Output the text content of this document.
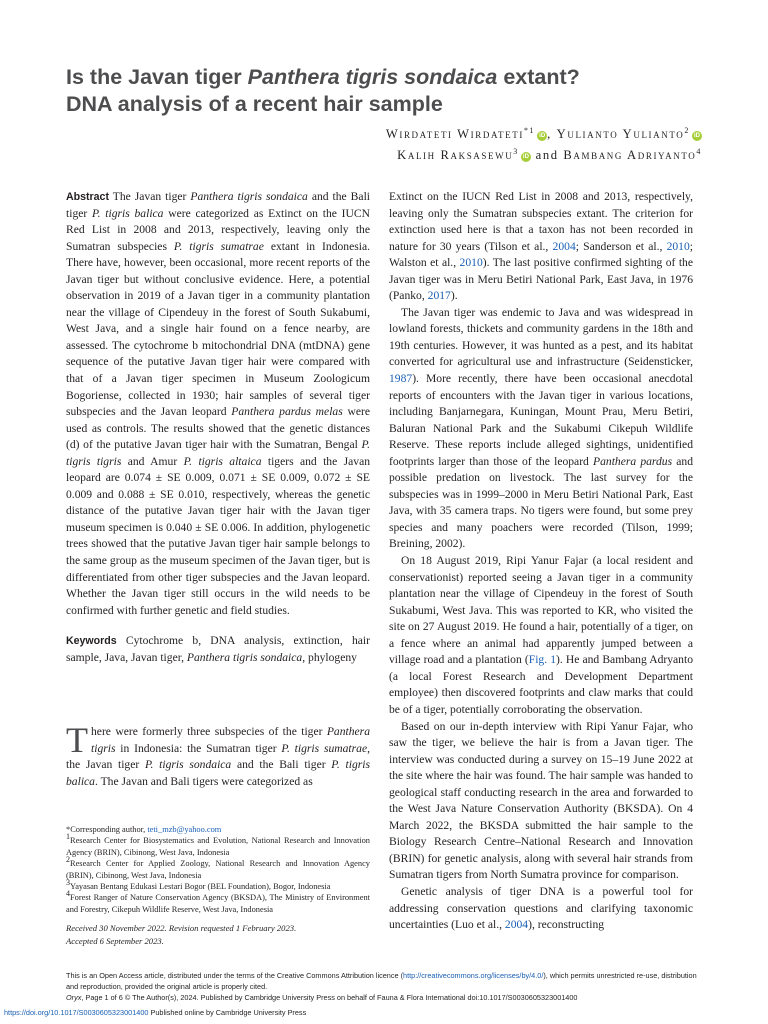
Is the Javan tiger Panthera tigris sondaica extant?
DNA analysis of a recent hair sample
Wirdateti Wirdateti$^{*1}$iD , Yulianto Yulianto$^2$iD
Kalih Raksasewu$^3$iD and Bambang Adriyanto$^4$

Abstract The Javan tiger Panthera tigris sondaica and the Bali tiger P. tigris balica were categorized as Extinct on the IUCN Red List in 2008 and 2013, respectively, leaving only the Sumatran subspecies P. tigris sumatrae extant in Indonesia. There have, however, been occasional, more recent reports of the Javan tiger but without conclusive evidence. Here, a potential observation in 2019 of a Javan tiger in a community plantation near the village of Cipendeuy in the forest of South Sukabumi, West Java, and a single hair found on a fence nearby, are assessed. The cytochrome b mitochondrial DNA (mtDNA) gene sequence of the putative Javan tiger hair were compared with that of a Javan tiger specimen in Museum Zoologicum Bogoriense, collected in 1930; hair samples of several tiger subspecies and the Javan leopard Panthera pardus melas were used as controls. The results showed that the genetic distances (d) of the putative Javan tiger hair with the Sumatran, Bengal P. tigris tigris and Amur P. tigris altaica tigers and the Javan leopard are 0.074 ± SE 0.009, 0.071 ± SE 0.009, 0.072 ± SE 0.009 and 0.088 ± SE 0.010, respectively, whereas the genetic distance of the putative Javan tiger hair with the Javan tiger museum specimen is 0.040 ± SE 0.006. In addition, phylogenetic trees showed that the putative Javan tiger hair sample belongs to the same group as the museum specimen of the Javan tiger, but is differentiated from other tiger subspecies and the Javan leopard. Whether the Javan tiger still occurs in the wild needs to be confirmed with further genetic and field studies.

Keywords Cytochrome b, DNA analysis, extinction, hair sample, Java, Javan tiger, Panthera tigris sondaica, phylogeny

There were formerly three subspecies of the tiger Panthera tigris in Indonesia: the Sumatran tiger P. tigris sumatrae, the Javan tiger P. tigris sondaica and the Bali tiger P. tigris balica. The Javan and Bali tigers were categorized as

*Corresponding author, teti_mzb@yahoo.com

$^1$Research Center for Biosystematics and Evolution, National Research and Innovation Agency (BRIN), Cibinong, West Java, Indonesia

$^2$Research Center for Applied Zoology, National Research and Innovation Agency (BRIN), Cibinong, West Java, Indonesia

$^3$Yayasan Bentang Edukasi Lestari Bogor (BEL Foundation), Bogor, Indonesia

$^4$Forest Ranger of Nature Conservation Agency (BKSDA), The Ministry of Environment and Forestry, Cikepuh Wildlife Reserve, West Java, Indonesia

Received 30 November 2022. Revision requested 1 February 2023.

Accepted 6 September 2023.

Extinct on the IUCN Red List in 2008 and 2013, respectively, leaving only the Sumatran subspecies extant. The criterion for extinction used here is that a taxon has not been recorded in nature for 30 years (Tilson et al., 2004; Sanderson et al., 2010; Walston et al., 2010). The last positive confirmed sighting of the Javan tiger was in Meru Betiri National Park, East Java, in 1976 (Panko, 2017).

The Javan tiger was endemic to Java and was widespread in lowland forests, thickets and community gardens in the 18th and 19th centuries. However, it was hunted as a pest, and its habitat converted for agricultural use and infrastructure (Seidensticker, 1987). More recently, there have been occasional anecdotal reports of encounters with the Javan tiger in various locations, including Banjarnegara, Kuningan, Mount Prau, Meru Betiri, Baluran National Park and the Sukabumi Cikepuh Wildlife Reserve. These reports include alleged sightings, unidentified footprints larger than those of the leopard Panthera pardus and possible predation on livestock. The last survey for the subspecies was in 1999–2000 in Meru Betiri National Park, East Java, with 35 camera traps. No tigers were found, but some prey species and many poachers were recorded (Tilson, 1999; Breining, 2002).

On 18 August 2019, Ripi Yanur Fajar (a local resident and conservationist) reported seeing a Javan tiger in a community plantation near the village of Cipendeuy in the forest of South Sukabumi, West Java. This was reported to KR, who visited the site on 27 August 2019. He found a hair, potentially of a tiger, on a fence where an animal had apparently jumped between a village road and a plantation (Fig. 1). He and Bambang Adryanto (a local Forest Research and Development Department employee) then discovered footprints and claw marks that could be of a tiger, potentially corroborating the observation.

Based on our in-depth interview with Ripi Yanur Fajar, who saw the tiger, we believe the hair is from a Javan tiger. The interview was conducted during a survey on 15–19 June 2022 at the site where the hair was found. The hair sample was handed to geological staff conducting research in the area and forwarded to the West Java Nature Conservation Authority (BKSDA). On 4 March 2022, the BKSDA submitted the hair sample to the Biology Research Centre–National Research and Innovation (BRIN) for genetic analysis, along with several hair strands from Sumatran tigers from North Sumatra province for comparison.

Genetic analysis of tiger DNA is a powerful tool for addressing conservation questions and clarifying taxonomic uncertainties (Luo et al., 2004), reconstructing

This is an Open Access article, distributed under the terms of the Creative Commons Attribution licence (http://creativecommons.org/licenses/by/4.0/), which permits unrestricted re-use, distribution and reproduction, provided the original article is properly cited.

Oryx, Page 1 of 6 © The Author(s), 2024. Published by Cambridge University Press on behalf of Fauna & Flora International doi:10.1017/S0030605323001400

https://doi.org/10.1017/S0030605323001400 Published online by Cambridge University Press
